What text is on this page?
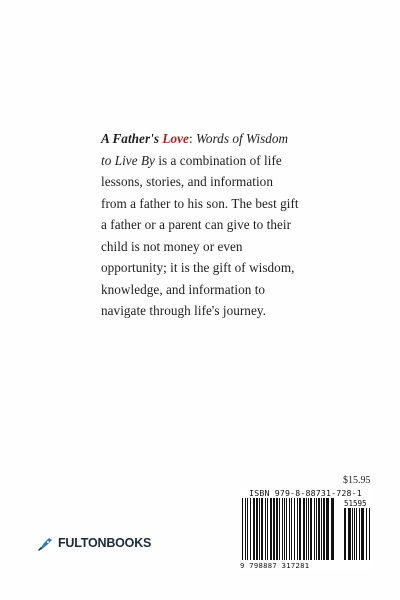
A Father's Love: Words of Wisdom to Live By is a combination of life lessons, stories, and information from a father to his son. The best gift a father or a parent can give to their child is not money or even opportunity; it is the gift of wisdom, knowledge, and information to navigate through life's journey.
$15.95
ISBN 979-8-88731-728-1
51595
9 798887 317281
FULTONBOOKS
